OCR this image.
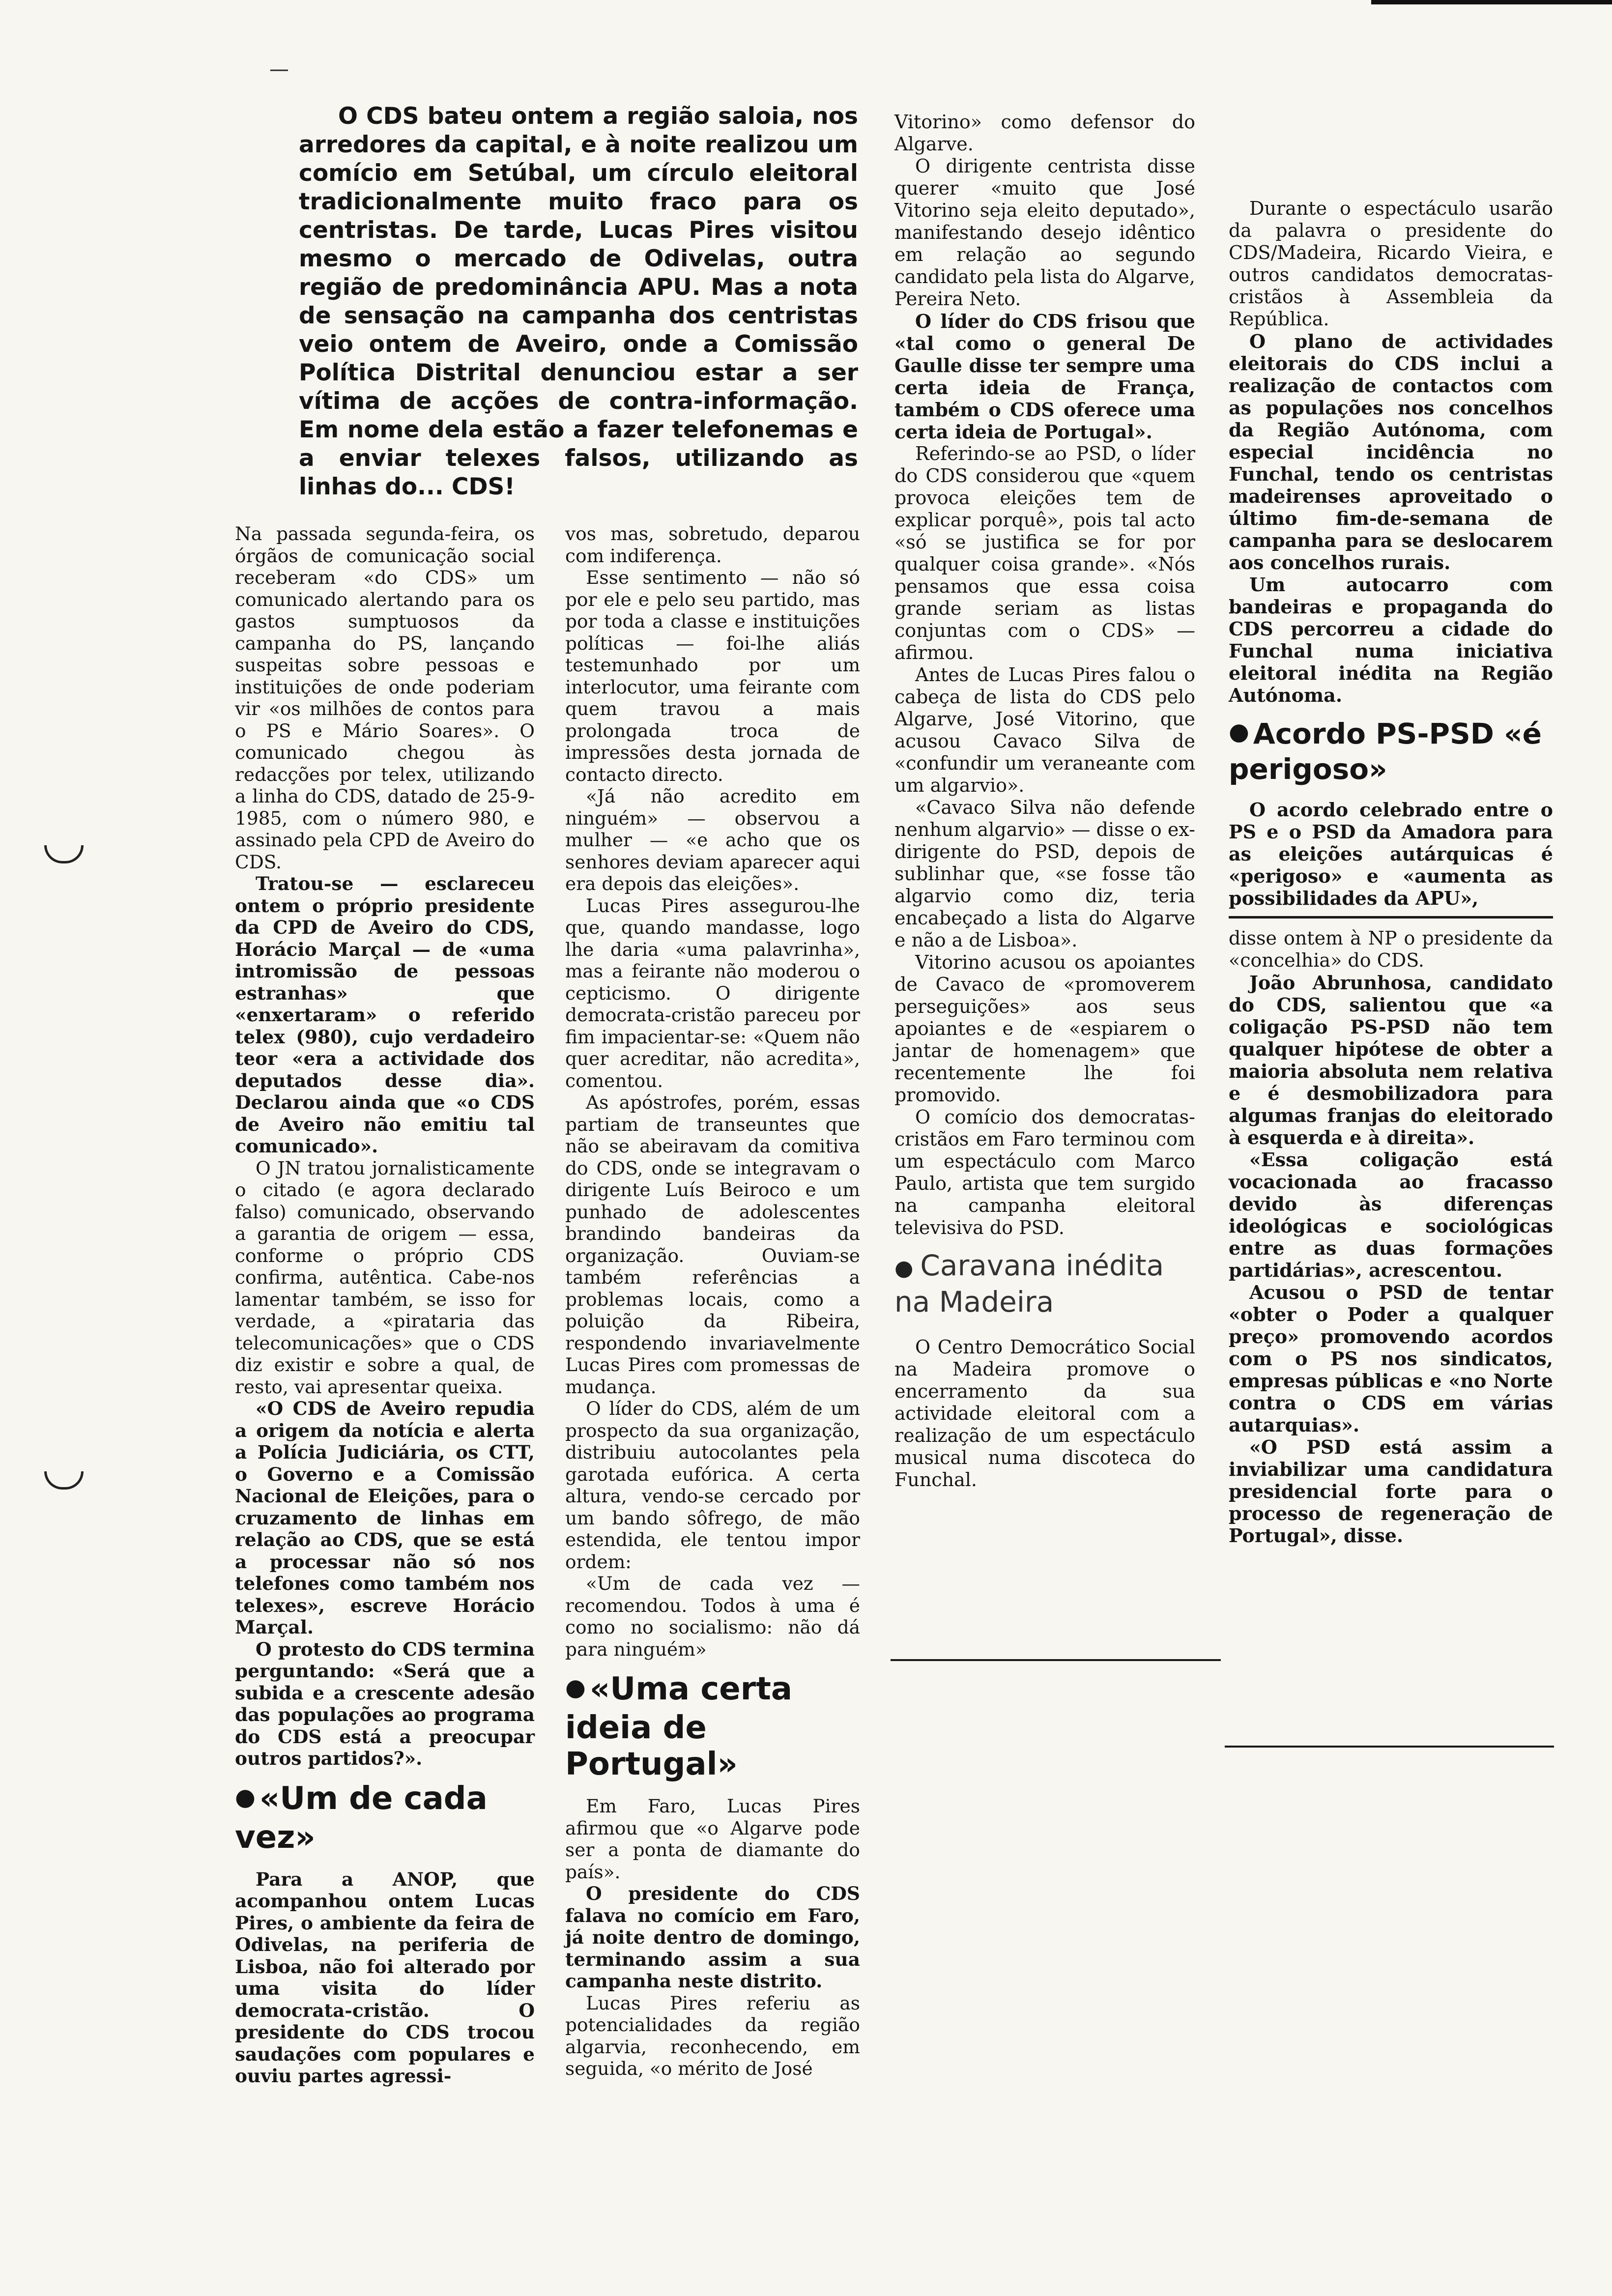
—

O CDS bateu ontem a região saloia, nos arredores da capital, e à noite realizou um comício em Setúbal, um círculo eleitoral tradicionalmente muito fraco para os centristas. De tarde, Lucas Pires visitou mesmo o mercado de Odivelas, outra região de predominância APU. Mas a nota de sensação na campanha dos centristas veio ontem de Aveiro, onde a Comissão Política Distrital denunciou estar a ser vítima de acções de contra-informação. Em nome dela estão a fazer telefonemas e a enviar telexes falsos, utilizando as linhas do... CDS!

Na passada segunda-feira, os órgãos de comunicação social receberam «do CDS» um comunicado alertando para os gastos sumptuosos da campanha do PS, lançando suspeitas sobre pessoas e instituições de onde poderiam vir «os milhões de contos para o PS e Mário Soares». O comunicado chegou às redacções por telex, utilizando a linha do CDS, datado de 25-9-1985, com o número 980, e assinado pela CPD de Aveiro do CDS.

Tratou-se — esclareceu ontem o próprio presidente da CPD de Aveiro do CDS, Horácio Marçal — de «uma intromissão de pessoas estranhas» que «enxertaram» o referido telex (980), cujo verdadeiro teor «era a actividade dos deputados desse dia». Declarou ainda que «o CDS de Aveiro não emitiu tal comunicado».

O JN tratou jornalisticamente o citado (e agora declarado falso) comunicado, observando a garantia de origem — essa, conforme o próprio CDS confirma, autêntica. Cabe-nos lamentar também, se isso for verdade, a «pirataria das telecomunicações» que o CDS diz existir e sobre a qual, de resto, vai apresentar queixa.

«O CDS de Aveiro repudia a origem da notícia e alerta a Polícia Judiciária, os CTT, o Governo e a Comissão Nacional de Eleições, para o cruzamento de linhas em relação ao CDS, que se está a processar não só nos telefones como também nos telexes», escreve Horácio Marçal.

O protesto do CDS termina perguntando: «Será que a subida e a crescente adesão das populações ao programa do CDS está a preocupar outros partidos?».

● «Um de cada vez»

Para a ANOP, que acompanhou ontem Lucas Pires, o ambiente da feira de Odivelas, na periferia de Lisboa, não foi alterado por uma visita do líder democrata-cristão. O presidente do CDS trocou saudações com populares e ouviu partes agressi-

vos mas, sobretudo, deparou com indiferença.

Esse sentimento — não só por ele e pelo seu partido, mas por toda a classe e instituições políticas — foi-lhe aliás testemunhado por um interlocutor, uma feirante com quem travou a mais prolongada troca de impressões desta jornada de contacto directo.

«Já não acredito em ninguém» — observou a mulher — «e acho que os senhores deviam aparecer aqui era depois das eleições».

Lucas Pires assegurou-lhe que, quando mandasse, logo lhe daria «uma palavrinha», mas a feirante não moderou o cepticismo. O dirigente democrata-cristão pareceu por fim impacientar-se: «Quem não quer acreditar, não acredita», comentou.

As apóstrofes, porém, essas partiam de transeuntes que não se abeiravam da comitiva do CDS, onde se integravam o dirigente Luís Beiroco e um punhado de adolescentes brandindo bandeiras da organização. Ouviam-se também referências a problemas locais, como a poluição da Ribeira, respondendo invariavelmente Lucas Pires com promessas de mudança.

O líder do CDS, além de um prospecto da sua organização, distribuiu autocolantes pela garotada eufórica. A certa altura, vendo-se cercado por um bando sôfrego, de mão estendida, ele tentou impor ordem:

«Um de cada vez — recomendou. Todos à uma é como no socialismo: não dá para ninguém»

● «Uma certa ideia de Portugal»

Em Faro, Lucas Pires afirmou que «o Algarve pode ser a ponta de diamante do país».

O presidente do CDS falava no comício em Faro, já noite dentro de domingo, terminando assim a sua campanha neste distrito.

Lucas Pires referiu as potencialidades da região algarvia, reconhecendo, em seguida, «o mérito de José

Vitorino» como defensor do Algarve.

O dirigente centrista disse querer «muito que José Vitorino seja eleito deputado», manifestando desejo idêntico em relação ao segundo candidato pela lista do Algarve, Pereira Neto.

O líder do CDS frisou que «tal como o general De Gaulle disse ter sempre uma certa ideia de França, também o CDS oferece uma certa ideia de Portugal».

Referindo-se ao PSD, o líder do CDS considerou que «quem provoca eleições tem de explicar porquê», pois tal acto «só se justifica se for por qualquer coisa grande». «Nós pensamos que essa coisa grande seriam as listas conjuntas com o CDS» — afirmou.

Antes de Lucas Pires falou o cabeça de lista do CDS pelo Algarve, José Vitorino, que acusou Cavaco Silva de «confundir um veraneante com um algarvio».

«Cavaco Silva não defende nenhum algarvio» — disse o ex-dirigente do PSD, depois de sublinhar que, «se fosse tão algarvio como diz, teria encabeçado a lista do Algarve e não a de Lisboa».

Vitorino acusou os apoiantes de Cavaco de «promoverem perseguições» aos seus apoiantes e de «espiarem o jantar de homenagem» que recentemente lhe foi promovido.

O comício dos democratas-cristãos em Faro terminou com um espectáculo com Marco Paulo, artista que tem surgido na campanha eleitoral televisiva do PSD.

● Caravana inédita na Madeira

O Centro Democrático Social na Madeira promove o encerramento da sua actividade eleitoral com a realização de um espectáculo musical numa discoteca do Funchal.

Durante o espectáculo usarão da palavra o presidente do CDS/Madeira, Ricardo Vieira, e outros candidatos democratas-cristãos à Assembleia da República.

O plano de actividades eleitorais do CDS inclui a realização de contactos com as populações nos concelhos da Região Autónoma, com especial incidência no Funchal, tendo os centristas madeirenses aproveitado o último fim-de-semana de campanha para se deslocarem aos concelhos rurais.

Um autocarro com bandeiras e propaganda do CDS percorreu a cidade do Funchal numa iniciativa eleitoral inédita na Região Autónoma.

● Acordo PS-PSD «é perigoso»

O acordo celebrado entre o PS e o PSD da Amadora para as eleições autárquicas é «perigoso» e «aumenta as possibilidades da APU»,

disse ontem à NP o presidente da «concelhia» do CDS.

João Abrunhosa, candidato do CDS, salientou que «a coligação PS-PSD não tem qualquer hipótese de obter a maioria absoluta nem relativa e é desmobilizadora para algumas franjas do eleitorado à esquerda e à direita».

«Essa coligação está vocacionada ao fracasso devido às diferenças ideológicas e sociológicas entre as duas formações partidárias», acrescentou.

Acusou o PSD de tentar «obter o Poder a qualquer preço» promovendo acordos com o PS nos sindicatos, empresas públicas e «no Norte contra o CDS em várias autarquias».

«O PSD está assim a inviabilizar uma candidatura presidencial forte para o processo de regeneração de Portugal», disse.
